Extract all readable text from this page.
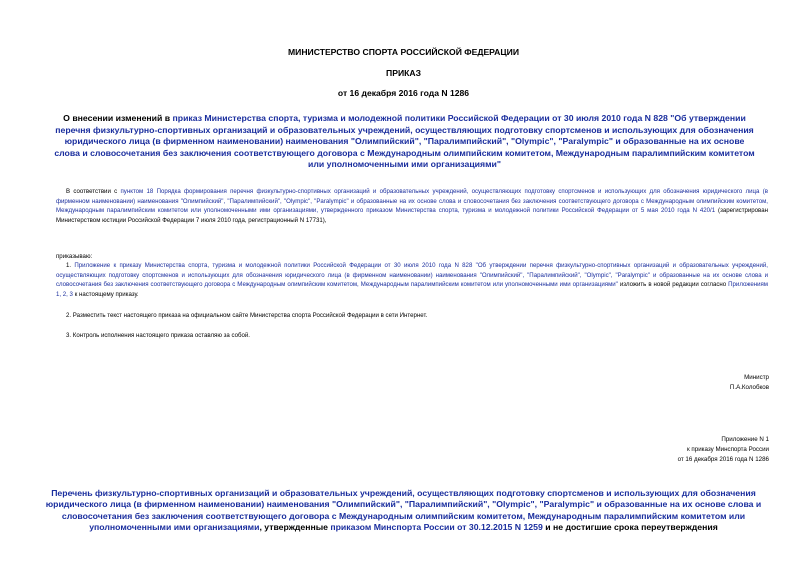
МИНИСТЕРСТВО СПОРТА РОССИЙСКОЙ ФЕДЕРАЦИИ
ПРИКАЗ
от 16 декабря 2016 года N 1286
О внесении изменений в приказ Министерства спорта, туризма и молодежной политики Российской Федерации от 30 июля 2010 года N 828 "Об утверждении перечня физкультурно-спортивных организаций и образовательных учреждений, осуществляющих подготовку спортсменов и использующих для обозначения юридического лица (в фирменном наименовании) наименования "Олимпийский", "Паралимпийский", "Olympic", "Paralympic" и образованные на их основе слова и словосочетания без заключения соответствующего договора с Международным олимпийским комитетом, Международным паралимпийским комитетом или уполномоченными ими организациями"
В соответствии с пунктом 18 Порядка формирования перечня физкультурно-спортивных организаций и образовательных учреждений, осуществляющих подготовку спортсменов и использующих для обозначения юридического лица (в фирменном наименовании) наименования "Олимпийский", "Паралимпийский", "Olympic", "Paralympic" и образованные на их основе слова и словосочетания без заключения соответствующего договора с Международным олимпийским комитетом, Международным паралимпийским комитетом или уполномоченными ими организациями, утвержденного приказом Министерства спорта, туризма и молодежной политики Российской Федерации от 5 мая 2010 года N 420/1 (зарегистрирован Министерством юстиции Российской Федерации 7 июля 2010 года, регистрационный N 17731),
приказываю:
1. Приложение к приказу Министерства спорта, туризма и молодежной политики Российской Федерации от 30 июля 2010 года N 828 "Об утверждении перечня физкультурно-спортивных организаций и образовательных учреждений, осуществляющих подготовку спортсменов и использующих для обозначения юридического лица (в фирменном наименовании) наименования "Олимпийский", "Паралимпийский", "Olympic", "Paralympic" и образованные на их основе слова и словосочетания без заключения соответствующего договора с Международным олимпийским комитетом, Международным паралимпийским комитетом или уполномоченными ими организациями" изложить в новой редакции согласно Приложениям 1, 2, 3 к настоящему приказу.
2. Разместить текст настоящего приказа на официальном сайте Министерства спорта Российской Федерации в сети Интернет.
3. Контроль исполнения настоящего приказа оставляю за собой.
Министр
П.А.Колобков
Приложение N 1
к приказу Минспорта России
от 16 декабря 2016 года N 1286
Перечень физкультурно-спортивных организаций и образовательных учреждений, осуществляющих подготовку спортсменов и использующих для обозначения юридического лица (в фирменном наименовании) наименования "Олимпийский", "Паралимпийский", "Olympic", "Paralympic" и образованные на их основе слова и словосочетания без заключения соответствующего договора с Международным олимпийским комитетом, Международным паралимпийским комитетом или уполномоченными ими организациями, утвержденные приказом Минспорта России от 30.12.2015 N 1259 и не достигшие срока переутверждения
